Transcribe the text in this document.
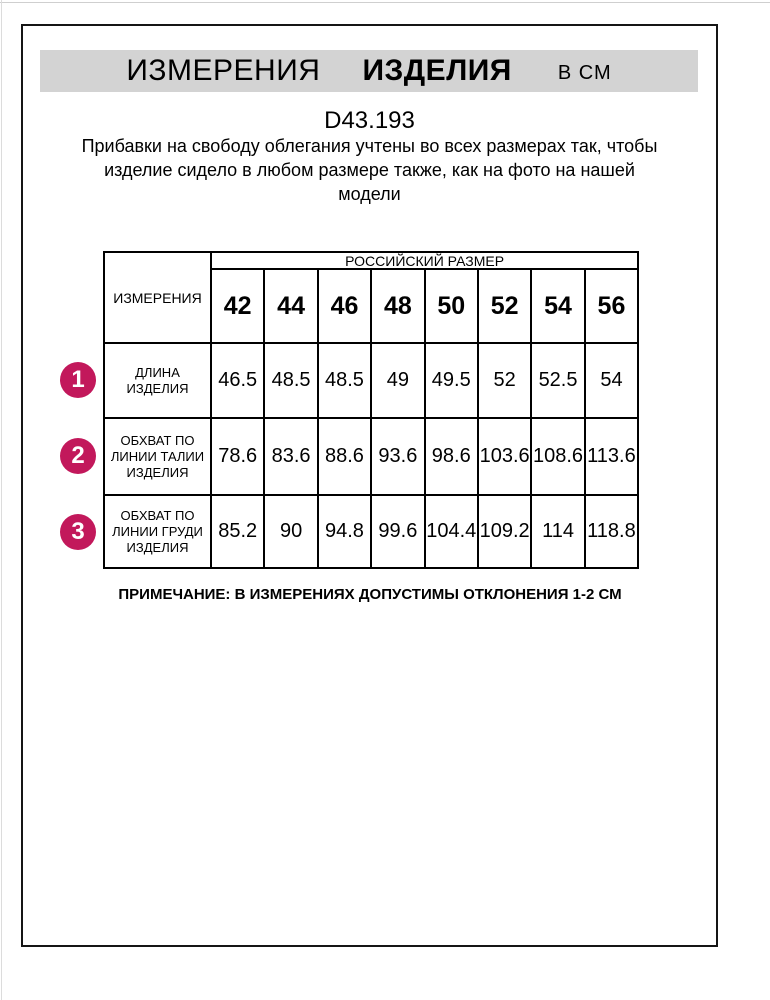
ИЗМЕРЕНИЯ ИЗДЕЛИЯ В СМ
D43.193
Прибавки на свободу облегания учтены во всех размерах так, чтобы
изделие сидело в любом размере также, как на фото на нашей
модели
ИЗМЕРЕНИЯ	РОССИЙСКИЙ РАЗМЕР							
	42	44	46	48	50	52	54	56

ДЛИНА
ИЗДЕЛИЯ	46.5	48.5	48.5	49	49.5	52	52.5	54

ОБХВАТ ПО
ЛИНИИ ТАЛИИ
ИЗДЕЛИЯ	78.6	83.6	88.6	93.6	98.6	103.6	108.6	113.6

ОБХВАТ ПО
ЛИНИИ ГРУДИ
ИЗДЕЛИЯ	85.2	90	94.8	99.6	104.4	109.2	114	118.8
1
2
3
ПРИМЕЧАНИЕ: В ИЗМЕРЕНИЯХ ДОПУСТИМЫ ОТКЛОНЕНИЯ 1-2 СМ
